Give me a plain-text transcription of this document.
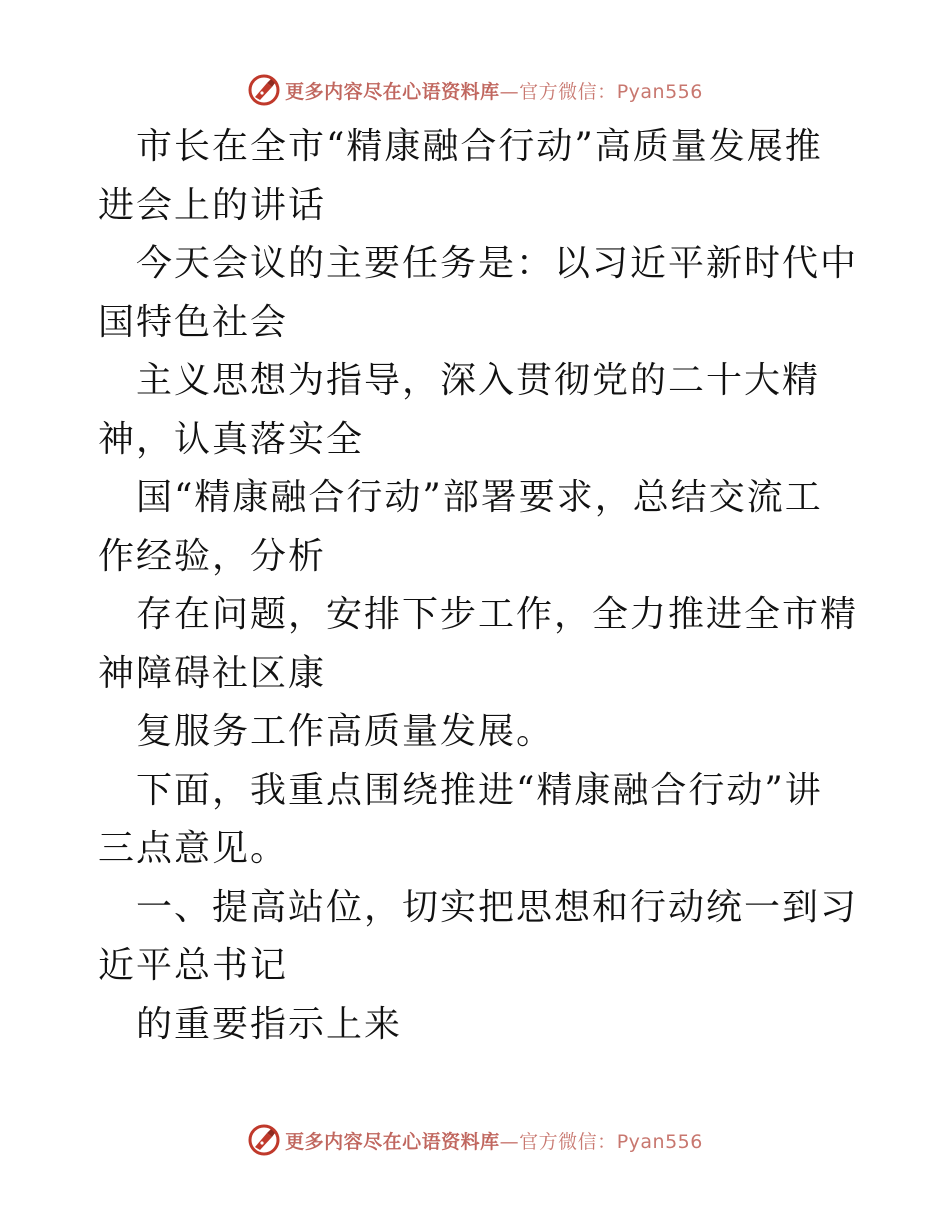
更多内容尽在心语资料库—官方微信：Pyan556

市长在全市“精康融合行动”高质量发展推进会上的讲话

今天会议的主要任务是：以习近平新时代中国特色社会

主义思想为指导，深入贯彻党的二十大精神，认真落实全

国“精康融合行动”部署要求，总结交流工作经验，分析

存在问题，安排下步工作，全力推进全市精神障碍社区康

复服务工作高质量发展。

下面，我重点围绕推进“精康融合行动”讲三点意见。

一、提高站位，切实把思想和行动统一到习近平总书记

的重要指示上来

更多内容尽在心语资料库—官方微信：Pyan556
